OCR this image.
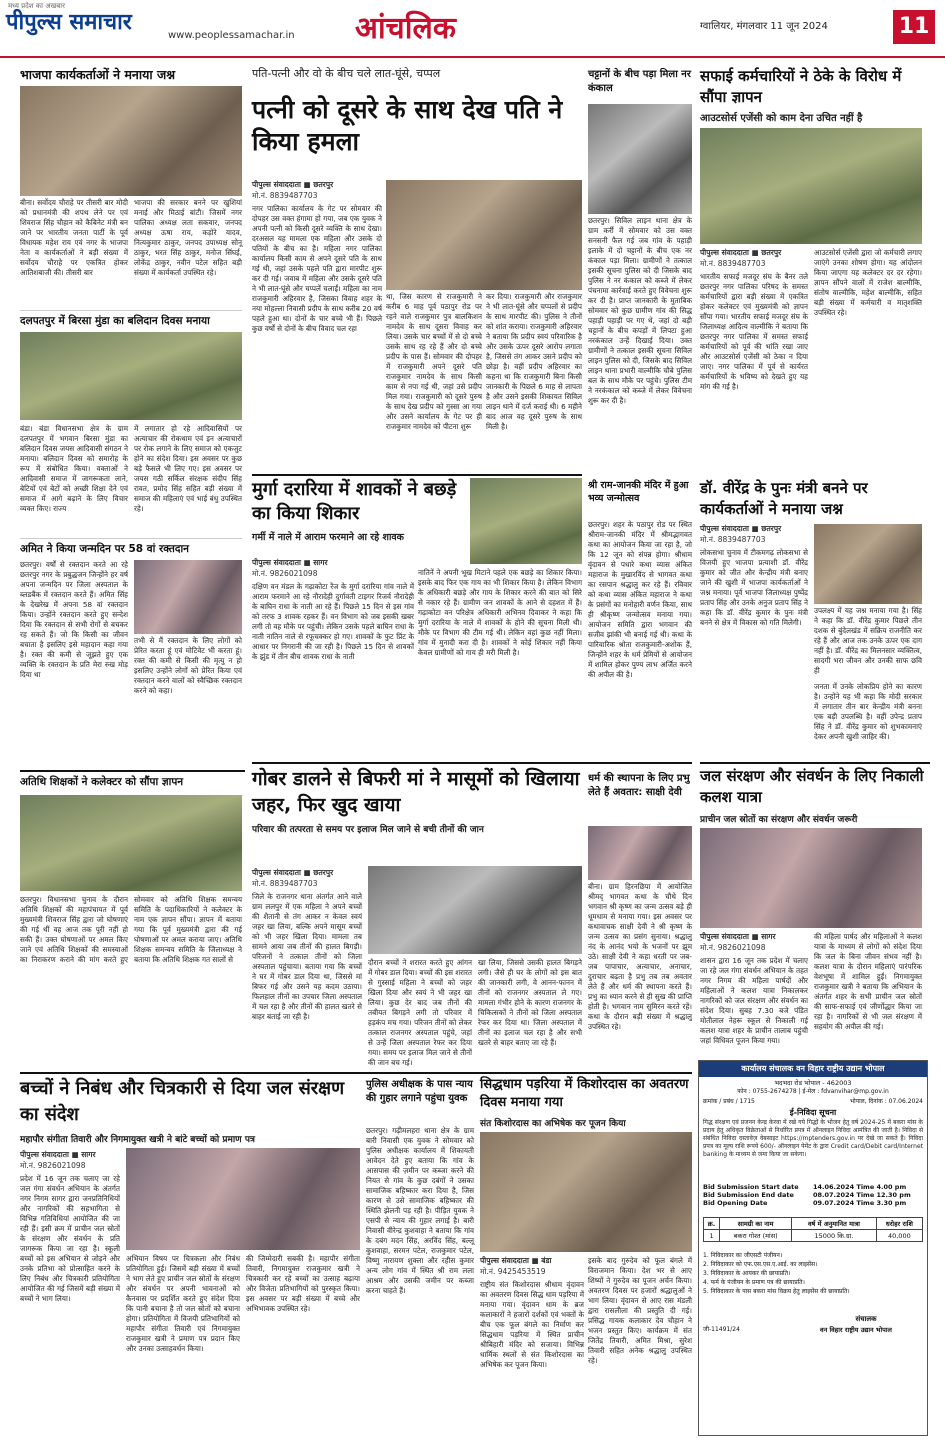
मध्य प्रदेश का अखबार
पीपुल्स समाचार
www.peoplessamachar.in आंचलिक	ग्वालियर, मंगलवार 11 जून 2024	11
भाजपा कार्यकर्ताओं ने मनाया जश्न
बीना। सर्वोदय चौराहे पर तीसरी बार मोदी को प्रधानमंत्री की शपथ लेने पर एवं शिवराज सिंह चौहान को कैबिनेट मंत्री बन जाने पर भारतीय जनता पार्टी के पूर्व विधायक महेश राय एवं नगर के भाजपा नेता व कार्यकर्ताओं ने बड़ी संख्या में सर्वोदय चौराहे पर एकत्रित होकर आतिशबाजी की। तीसरी बार
भाजपा की सरकार बनने पर खुशियां मनाई और मिठाई बांटी। जिसमें नगर पालिका अध्यक्ष लता सकवार, जनपद अध्यक्ष ऊषा राय, कड़ोरे यादव, नित्यकुमार ठाकुर, जनपद उपाध्यक्ष सोनू ठाकुर, भरत सिंह ठाकुर, मनोज सिंघई, लोकेंद्र ठाकुर, नवीन पटेल सहित बड़ी संख्या में कार्यकर्ता उपस्थित रहे।
दलपतपुर में बिरसा मुंडा का बलिदान दिवस मनाया
बंडा। बंडा विधानसभा क्षेत्र के ग्राम दलपतपुर में भगवान बिरसा मुंडा का बलिदान दिवस जयस आदिवासी संगठन ने मनाया। बलिदान दिवस को समारोह के रूप में संबोधित किया। वक्ताओं ने आदिवासी समाज में जागरूकता लाने, बेटियों एवं बेटों को अच्छी शिक्षा देने एवं समाज में आगे बढ़ाने के लिए विचार व्यक्त किए। राज्य
में लगातार हो रहे आदिवासियों पर अत्याचार की रोकथाम एवं इन अत्याचारों पर रोक लगाने के लिए समाज को एकजुट होने का संदेश दिया। इस अवसर पर कुछ बड़े फैसले भी लिए गए। इस अवसर पर जयस गठी सर्किल संरक्षक संदीप सिंह रावत, प्रमोद सिंह सहित बड़ी संख्या में समाज की महिलाएं एवं भाई बंधु उपस्थित रहे।
अमित ने किया जन्मदिन पर 58 वां रक्तदान
छतरपुर। वर्षों से रक्तदान करते आ रहे छतरपुर नगर के प्रबुद्धजन जिन्होंने हर वर्ष अपना जन्मदिन पर जिला अस्पताल के ब्लडबैंक में रक्तदान करते हैं। अमित सिंह के देखरेख में अपना 58 वां रक्तदान किया। उन्होंने रक्तदान करते हुए सन्देश दिया कि रक्तदान से सभी रोगों से बचकर रह सकते हैं। जो कि किसी का जीवन बचाता है इसलिए इसे महादान कहा गया है। रक्त की कमी से जूझते हुए एक व्यक्ति के रक्तदान के प्रति मेरा रुख मोड़ दिया था
तभी से मैं रक्तदान के लिए लोगों को प्रेरित करता हूं एवं मोटिवेट भी करता हूं। रक्त की कमी से किसी की मृत्यु न हो इसलिए उन्होंने लोगों को प्रेरित किया एवं रक्तदान करने वालों को स्वैच्छिक रक्तदान करने को कहा।
अतिथि शिक्षकों ने कलेक्टर को सौंपा ज्ञापन
छतरपुर। विधानसभा चुनाव के दौरान अतिथि शिक्षकों की महापंचायत में पूर्व मुख्यमंत्री शिवराज सिंह द्वारा जो घोषणाएं की गई थीं वह आज तक पूरी नहीं हो सकी हैं। उक्त घोषणाओं पर अमल किए जाने एवं अतिथि शिक्षकों की समस्याओं का निराकरण कराने की मांग करते हुए सोमवार को अतिथि शिक्षक समन्वय समिति के पदाधिकारियों ने कलेक्टर के नाम एक ज्ञापन सौंपा। ज्ञापन में बताया गया कि पूर्व मुख्यमंत्री द्वारा की गई घोषणाओं पर अमल कराया जाए। अतिथि शिक्षक समन्वय समिति के जिलाध्यक्ष ने बताया कि अतिथि शिक्षक गत सालों से
पति-पत्नी और वो के बीच चले लात-घूंसे, चप्पल
पत्नी को दूसरे के साथ देख पति ने किया हमला
पीपुल्स संवाददाता ■ छतरपुर
मो.नं. 8839487703
नगर पालिका कार्यालय के गेट पर सोमवार की दोपहर उस वक्त हंगामा हो गया, जब एक युवक ने अपनी पत्नी को किसी दूसरे व्यक्ति के साथ देखा। दरअसल यह मामला एक महिला और उसके दो पतियों के बीच का है। महिला नगर पालिका कार्यालय किसी काम से अपने दूसरे पति के साथ गई थी, जहां उसके पहले पति द्वारा मारपीट शुरू कर दी गई। जवाब में महिला और उसके दूसरे पति ने भी लात-घूंसे और चप्पलें चलाईं। महिला का नाम राजकुमारी अहिरवार है, जिसका विवाह शहर के नया मोहल्ला निवासी प्रदीप के साथ करीब 20 वर्ष पहले हुआ था। दोनों के चार बच्चे भी हैं। पिछले कुछ वर्षों से दोनों के बीच विवाद चल रहा
था, जिस कारण से राजकुमारी ने करीब 6 माह पूर्व पठापुर रोड पर रहने वाले राजकुमार पुत्र बालकिशन नामदेव के साथ दूसरा विवाह कर लिया। उसके चार बच्चों में से दो बच्चे उसके साथ रह रहे हैं और दो बच्चे प्रदीप के पास हैं। सोमवार की दोपहर में राजकुमारी अपने दूसरे पति राजकुमार नामदेव के साथ किसी काम से नपा गई थी, जहां उसे प्रदीप मिल गया। राजकुमारी को दूसरे पुरुष के साथ देख प्रदीप को गुस्सा आ गया और उसने कार्यालय के गेट पर ही राजकुमार नामदेव को पीटना शुरू
कर दिया। राजकुमारी और राजकुमार ने भी लात-घूंसे और चप्पलों से प्रदीप के साथ मारपीट की। पुलिस ने तीनों को शांत कराया। राजकुमारी अहिरवार ने बताया कि प्रदीप स्वयं परिवारिक है और उसके ऊपर दूसरे आरोप लगाता है, जिससे तंग आकर उसने प्रदीप को छोड़ा है। वहीं प्रदीप अहिरवार का कहना था कि राजकुमारी बिना किसी जानकारी के पिछले 6 माह से लापता है और उसने इसकी शिकायत सिविल लाइन थाने में दर्ज कराई थी। 6 महीने बाद आज वह दूसरे पुरुष के साथ मिली है।
मुर्गा दरारिया में शावकों ने बछड़े का किया शिकार
गर्मी में नाले में आराम फरमाने आ रहे शावक
पीपुल्स संवाददाता ■ सागर
मो.नं. 9826021098
दक्षिण वन मंडल के गढ़ाकोटा रेंज के मुर्गा दरारिया गांव नाले में आराम फरमाने आ रहे नौरादेही दुर्गावती टाइगर रिजर्व नौरादेही के बाघिन राधा के नाती आ रहे हैं। पिछले 15 दिन से इस गांव को तरफ 3 शावक रहकर हैं। वन विभाग को जब इसकी खबर लगी तो वह मौके पर पहुंची। लेकिन उसके पहले बाघिन राधा के नाती नातिन नाले से रफूचक्कर हो गए। शावकों के फुट प्रिंट के आधार पर निगरानी की जा रही है। पिछले 15 दिन से शावकों के झुंड में तीन बीच शावक राधा के नाती
नातिनें ने अपनी भूख मिटाने पहले एक बछड़े का शिकार किया। इसके बाद फिर एक गाय का भी शिकार किया है। लेकिन विभाग के अधिकारी बछड़े और गाय के शिकार करने की बात को सिरे से नकार रहे हैं। ग्रामीण जन शावकों के आने से दहशत में हैं। गढ़ाकोटा वन परिक्षेत्र अधिकारी अभिनव दिवाकर ने कहा कि मुर्गा दरारिया के नाले में शावकों के होने की सूचना मिली थी। मौके पर विभाग की टीम गई थी। लेकिन वहां कुछ नहीं मिला। गांव में मुनादी करा दी है। शावकों ने कोई शिकार नहीं किया केवल ग्रामीणों को गाय ही मरी मिली है।
गोबर डालने से बिफरी मां ने मासूमों को खिलाया जहर, फिर खुद खाया
परिवार की तत्परता से समय पर इलाज मिल जाने से बची तीनों की जान
पीपुल्स संवाददाता ■ छतरपुर
मो.नं. 8839487703
जिले के राजनगर थाना अंतर्गत आने वाले ग्राम ललपुर में एक महिला ने अपने बच्चों की शैतानी से तंग आकर न केवल स्वयं जहर खा लिया, बल्कि अपने मासूम बच्चों को भी जहर खिला दिया। मामला तब सामने आया जब तीनों की हालत बिगड़ी। परिजनों ने तत्काल तीनों को जिला अस्पताल पहुंचाया। बताया गया कि बच्चों ने घर में गोबर डाल दिया था, जिससे मां बिफर गई और उसने यह कदम उठाया। फिलहाल तीनों का उपचार जिला अस्पताल में चल रहा है और तीनों की हालत खतरे से बाहर बताई जा रही है।
दौरान बच्चों ने शरारत करते हुए आंगन में गोबर डाल दिया। बच्चों की इस शरारत से गुस्साई महिला ने बच्चों को जहर खिला दिया और स्वयं ने भी जहर खा लिया। कुछ देर बाद जब तीनों की तबीयत बिगड़ने लगी तो परिवार में हड़कंप मच गया। परिजन तीनों को लेकर तत्काल राजनगर अस्पताल पहुंचे, जहां से उन्हें जिला अस्पताल रेफर कर दिया गया। समय पर इलाज मिल जाने से तीनों की जान बच गई।
खा लिया, जिससे उसकी हालत बिगड़ने लगी। जैसे ही घर के लोगों को इस बात की जानकारी लगी, वे आनन-फानन में तीनों को राजनगर अस्पताल ले गए। मामला गंभीर होने के कारण राजनगर के चिकित्सकों ने तीनों को जिला अस्पताल रेफर कर दिया था। जिला अस्पताल में तीनों का इलाज चल रहा है और सभी खतरे से बाहर बताए जा रहे हैं।
बच्चों ने निबंध और चित्रकारी से दिया जल संरक्षण का संदेश
महापौर संगीता तिवारी और निगमायुक्त खत्री ने बांटे बच्चों को प्रमाण पत्र
पीपुल्स संवाददाता ■ सागर
मो.नं. 9826021098
प्रदेश में 16 जून तक चलाए जा रहे जल गंगा संवर्धन अभियान के अंतर्गत नगर निगम सागर द्वारा जनप्रतिनिधियों और नागरिकों की सहभागिता से विभिन्न गतिविधियां आयोजित की जा रही हैं। इसी क्रम में प्राचीन जल स्रोतों के संरक्षण और संवर्धन के प्रति जागरूक किया जा रहा है। स्कूली बच्चों को इस अभियान से जोड़ने और उनके प्रतिभा को प्रोत्साहित करने के लिए निबंध और चित्रकारी प्रतियोगिता आयोजित की गई जिसमें बड़ी संख्या में बच्चों ने भाग लिया।
अभियान विषय पर चित्रकला और निबंध प्रतियोगिता हुई। जिसमें बड़ी संख्या में बच्चों ने भाग लेते हुए प्राचीन जल स्रोतों के संरक्षण और संवर्धन पर अपनी भावनाओं को कैनवास पर प्रदर्शित करते हुए संदेश दिया कि पानी बचाना है तो जल स्रोतों को बचाना होगा। प्रतियोगिता में विजयी प्रतिभागियों को महापौर संगीता तिवारी एवं निगमायुक्त राजकुमार खत्री ने प्रमाण पत्र प्रदान किए और उनका उत्साहवर्धन किया।
की जिम्मेदारी सबकी है। महापौर संगीता तिवारी, निगमायुक्त राजकुमार खत्री ने चित्रकारी कर रहे बच्चों का उत्साह बढ़ाया और विजेता प्रतिभागियों को पुरस्कृत किया। इस अवसर पर बड़ी संख्या में बच्चे और अभिभावक उपस्थित रहे।
पुलिस अधीक्षक के पास न्याय की गुहार लगाने पहुंचा युवक
छतरपुर। गढ़ीमलहरा थाना क्षेत्र के ग्राम बारी निवासी एक युवक ने सोमवार को पुलिस अधीक्षक कार्यालय में शिकायती आवेदन देते हुए बताया कि गांव के आसपास की ज़मीन पर कब्जा करने की नियत से गांव के कुछ दबंगों ने उसका सामाजिक बहिष्कार करा दिया है, जिस कारण से उसे सामाजिक बहिष्कार की स्थिति झेलनी पड़ रही है। पीड़ित युवक ने एसपी से न्याय की गुहार लगाई है। बारी निवासी वीरेन्द्र कुशवाहा ने बताया कि गांव के दबंग मदन सिंह, अरविंद सिंह, बल्लू कुशवाहा, सरमन पटेल, राजकुमार पटेल, विष्णु नारायण शुक्ला और रहीस कुमार अन्य लोग गांव में स्थित श्री राम लला आश्रम और उसकी जमीन पर कब्जा करना चाहते हैं।
सिद्धधाम पड़रिया में किशोरदास का अवतरण दिवस मनाया गया
संत किशोरदास का अभिषेक कर पूजन किया
पीपुल्स संवाददाता ■ बंडा
मो.नं. 9425453519
राष्ट्रीय संत किशोरदास श्रीधाम वृंदावन का अवतरण दिवस सिद्ध धाम पड़रिया में मनाया गया। वृंदावन धाम के ब्रज कलाकारों ने हजारों दर्शकों एवं भक्तों के बीच एक फूल बंगले का निर्माण कर सिद्धधाम पड़रिया में स्थित प्राचीन श्रीबिहारी मंदिर को सजाया। विभिन्न धार्मिक स्थलों से संत किशोरदास का अभिषेक कर पूजन किया।
इसके बाद गुरुदेव को फूल बंगले में विराजमान किया। देश भर से आए शिष्यों ने गुरुदेव का पूजन अर्चन किया। अवतरण दिवस पर हजारों श्रद्धालुओं ने भाग लिया। वृंदावन से आए रास मंडली द्वारा रासलीला की प्रस्तुति दी गई। प्रसिद्ध गायक कलाकार देव चौहान ने भजन प्रस्तुत किए। कार्यक्रम में संत जितेंद्र तिवारी, अमित मिश्रा, सुरेश तिवारी सहित अनेक श्रद्धालु उपस्थित रहे।
चट्टानों के बीच पड़ा मिला नर कंकाल
छतरपुर। सिविल लाइन थाना क्षेत्र के ग्राम कर्री में सोमवार को उस वक्त सनसनी फैल गई जब गांव के पहाड़ी इलाके में दो चट्टानों के बीच एक नर कंकाल पड़ा मिला। ग्रामीणों ने तत्काल इसकी सूचना पुलिस को दी जिसके बाद पुलिस ने नर कंकाल को कब्जे में लेकर पंचनामा कार्रवाई करते हुए विवेचना शुरू कर दी है। प्राप्त जानकारी के मुताबिक सोमवार को कुछ ग्रामीण गांव की सिद्ध पहाड़ी पहाड़ी पर गए थे, जहां दो बड़ी चट्टानों के बीच कपड़ों में लिपटा हुआ नरकंकाल उन्हें दिखाई दिया। उक्त ग्रामीणों ने तत्काल इसकी सूचना सिविल लाइन पुलिस को दी, जिसके बाद सिविल लाइन थाना प्रभारी वाल्मीकि चौबे पुलिस बल के साथ मौके पर पहुंचे। पुलिस टीम ने नरकंकाल को कब्जे में लेकर विवेचना शुरू कर दी है।
श्री राम-जानकी मंदिर में हुआ भव्य जन्मोत्सव
छतरपुर। शहर के पठापुर रोड पर स्थित श्रीराम-जानकी मंदिर में श्रीमद्भागवत कथा का आयोजन किया जा रहा है, जो कि 12 जून को संपन्न होगा। श्रीधाम वृंदावन से पधारे कथा व्यास अंकित महाराज के मुखारविंद से भागवत कथा का रसपान श्रद्धालु कर रहे हैं। रविवार को कथा व्यास अंकित महाराज ने कथा के प्रसंगों का मनोहारी वर्णन किया, साथ ही श्रीकृष्ण जन्मोत्सव मनाया गया। आयोजन समिति द्वारा भगवान की सजीव झांकी भी बनाई गई थी। कथा के पारिवारिक श्रोता राजकुमारी-अशोक हैं, जिन्होंने शहर के धर्म प्रेमियों से आयोजन में शामिल होकर पुण्य लाभ अर्जित करने की अपील की है।
धर्म की स्थापना के लिए प्रभु लेते हैं अवतार: साक्षी देवी
बीना। ग्राम हिरनछिपा में आयोजित श्रीमद् भागवत कथा के चौथे दिन भगवान श्री कृष्ण का जन्म उत्सव बड़े ही धूमधाम से मनाया गया। इस अवसर पर कथावाचक साक्षी देवी ने श्री कृष्ण के जन्म उत्सव का प्रसंग सुनाया। श्रद्धालु नंद के आनंद भयो के भजनों पर झूम उठे। साक्षी देवी ने कहा धरती पर जब-जब पापाचार, अत्याचार, अनाचार, दुराचार बढ़ता है प्रभु तब तब अवतार लेते हैं और धर्म की स्थापना करते हैं। प्रभु का ध्यान करने से ही सुख की प्राप्ति होती है। भगवान नाम सुमिरन करते रहें। कथा के दौरान बड़ी संख्या में श्रद्धालु उपस्थित रहे।
सफाई कर्मचारियों ने ठेके के विरोध में सौंपा ज्ञापन
आउटसोर्स एजेंसी को काम देना उचित नहीं है
पीपुल्स संवाददाता ■ छतरपुर
मो.नं. 8839487703
भारतीय सफाई मजदूर संघ के बैनर तले छतरपुर नगर पालिका परिषद के समस्त कर्मचारियों द्वारा बड़ी संख्या में एकत्रित होकर कलेक्टर एवं मुख्यमंत्री को ज्ञापन सौंपा गया। भारतीय सफाई मजदूर संघ के जिलाध्यक्ष आदित्य वाल्मीकि ने बताया कि छतरपुर नगर पालिका में समस्त सफाई कर्मचारियों को पूर्व की भांति रखा जाए और आउटसोर्स एजेंसी को ठेका न दिया जाए। नगर पालिका में पूर्व से कार्यरत कर्मचारियों के भविष्य को देखते हुए यह मांग की गई है।
आउटसोर्स एजेंसी द्वारा जो कर्मचारी लगाए जाएंगे उनका शोषण होगा। यह आंदोलन किया जाएगा यह कलेक्टर दर दर रहेगा। ज्ञापन सौंपने वालों में राजेश बाल्मीकि, संतोष वाल्मीकि, महेश बाल्मीकि, सहित बड़ी संख्या में कर्मचारी व मातृशक्ति उपस्थित रहे।
डॉ. वीरेंद्र के पुनः मंत्री बनने पर कार्यकर्ताओं ने मनाया जश्न
पीपुल्स संवाददाता ■ छतरपुर
मो.नं. 8839487703
लोकसभा चुनाव में टीकमगढ़ लोकसभा से विजयी हुए भाजपा प्रत्याशी डॉ. वीरेंद्र कुमार को जीत और केन्द्रीय मंत्री बनाए जाने की खुशी में भाजपा कार्यकर्ताओं ने जश्न मनाया। पूर्व भाजपा जिलाध्यक्ष पुष्पेंद्र प्रताप सिंह और उनके अनुज प्रताप सिंह ने कहा कि डॉ. वीरेंद्र कुमार के पुनः मंत्री बनने से क्षेत्र में विकास को गति मिलेगी।
उपलक्ष्य में यह जश्न मनाया गया है। सिंह ने कहा कि डॉ. वीरेंद्र कुमार पिछले तीन दशक से बुंदेलखंड में सक्रिय राजनीति कर रहे हैं और आज तक उनके ऊपर एक दाग नहीं है। डॉ. वीरेंद्र का मिलनसार व्यक्तित्व, सादगी भरा जीवन और उनकी साफ छवि ही
जनता में उनके लोकप्रिय होने का कारण है। उन्होंने यह भी कहा कि मोदी सरकार में लगातार तीन बार केन्द्रीय मंत्री बनना एक बड़ी उपलब्धि है। वहीं उपेन्द्र प्रताप सिंह ने डॉ. वीरेंद्र कुमार को शुभकामनाएं देकर अपनी खुशी जाहिर की।
जल संरक्षण और संवर्धन के लिए निकाली कलश यात्रा
प्राचीन जल स्रोतों का संरक्षण और संवर्धन जरूरी
पीपुल्स संवाददाता ■ सागर
मो.नं. 9826021098
शासन द्वारा 16 जून तक प्रदेश में चलाए जा रहे जल गंगा संवर्धन अभियान के तहत नगर निगम की महिला पार्षदों और महिलाओं ने कलश यात्रा निकालकर नागरिकों को जल संरक्षण और संवर्धन का संदेश दिया। सुबह 7.30 बजे पंडित मोतीलाल नेहरू स्कूल से निकाली गई कलश यात्रा शहर के प्राचीन तालाब पहुंची जहां विधिवत पूजन किया गया।
की महिला पार्षद और महिलाओं ने कलश यात्रा के माध्यम से लोगों को संदेश दिया कि जल के बिना जीवन संभव नहीं है। कलश यात्रा के दौरान महिलाएं पारंपरिक वेशभूषा में शामिल हुईं। निगमायुक्त राजकुमार खत्री ने बताया कि अभियान के अंतर्गत शहर के सभी प्राचीन जल स्रोतों की साफ-सफाई एवं जीर्णोद्धार किया जा रहा है। नागरिकों से भी जल संरक्षण में सहयोग की अपील की गई।
कार्यालय संचालक वन विहार राष्ट्रीय उद्यान भोपाल
भदभदा रोड भोपाल - 462003
फोन : 0755-2674278 | ई-मेल : fdvanvihar@mp.gov.in
क्रमांक / प्रबंध / 1715	भोपाल, दिनांक : 07.06.2024
ई-निविदा सूचना
गिद्ध संरक्षण एवं प्रजनन केन्द्र केरवा में रखे गये गिद्धों के भोजन हेतु वर्ष 2024-25 में बकरा मांस के प्रदाय हेतु अधिकृत विक्रेताओं से निर्धारित प्रपत्र में ऑनलाइन निविदा आमंत्रित की जाती है। निविदा से संबंधित निविदा दस्तावेज़ वेबसाइट https://mptenders.gov.in पर देखे जा सकते हैं। निविदा प्रपत्र का मूल्य राशि रूपये 600/- ऑनलाइन पेमेंट के द्वारा Credit card/Debit card/Internet banking के माध्यम से जमा किया जा सकेगा।
Bid Submission Start date	14.06.2024 Time 4.00 pm
Bid Submission End date	08.07.2024 Time 12.30 pm
Bid Opening Date	09.07.2024 Time 3.30 pm
क्र.	सामग्री का नाम	वर्ष में अनुमानित मात्रा	धरोहर राशि
1	बकरा गोश्त (मांस)	15000 कि.ग्रा.	40,000
1. निविदाकार का जीएसटी पंजीयन।
2. निविदाकार को एफ.एस.एस.ए.आई. का लाइसेंस।
3. निविदाकार के आयकर की छायाप्रति।
4. फर्म के पंजीयन के प्रमाण पत्र की छायाप्रति।
5. निविदाकार के पास बकरा मांस विक्रय हेतु लाइसेंस की छायाप्रति।
संचालक
वन विहार राष्ट्रीय उद्यान भोपाल
जी-11491/24
